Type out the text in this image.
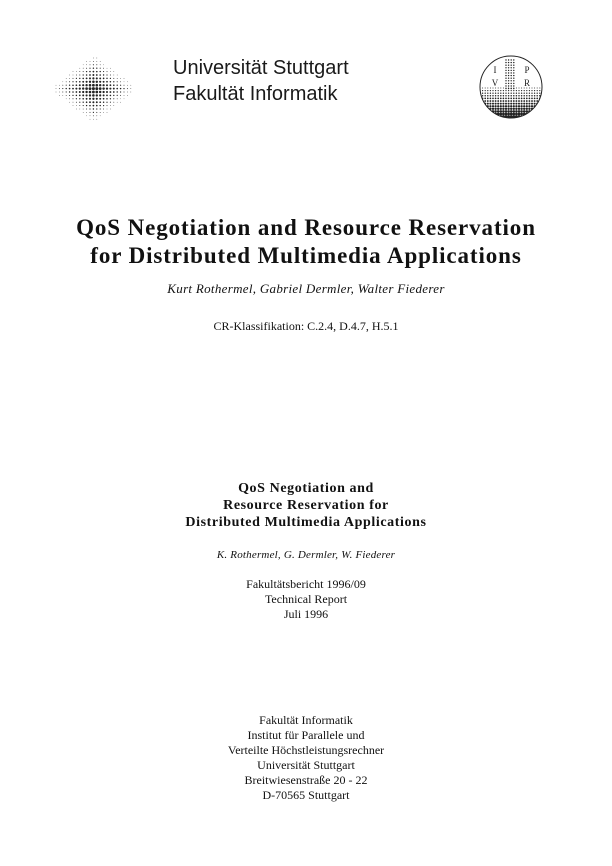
Universität Stuttgart
Fakultät Informatik
I	P
V	R
QoS Negotiation and Resource Reservation
for Distributed Multimedia Applications
Kurt Rothermel, Gabriel Dermler, Walter Fiederer
CR-Klassifikation: C.2.4, D.4.7, H.5.1
QoS Negotiation and
Resource Reservation for
Distributed Multimedia Applications
K. Rothermel, G. Dermler, W. Fiederer
Fakultätsbericht 1996/09
Technical Report
Juli 1996
Fakultät Informatik
Institut für Parallele und
Verteilte Höchstleistungsrechner
Universität Stuttgart
Breitwiesenstraße 20 - 22
D-70565 Stuttgart
